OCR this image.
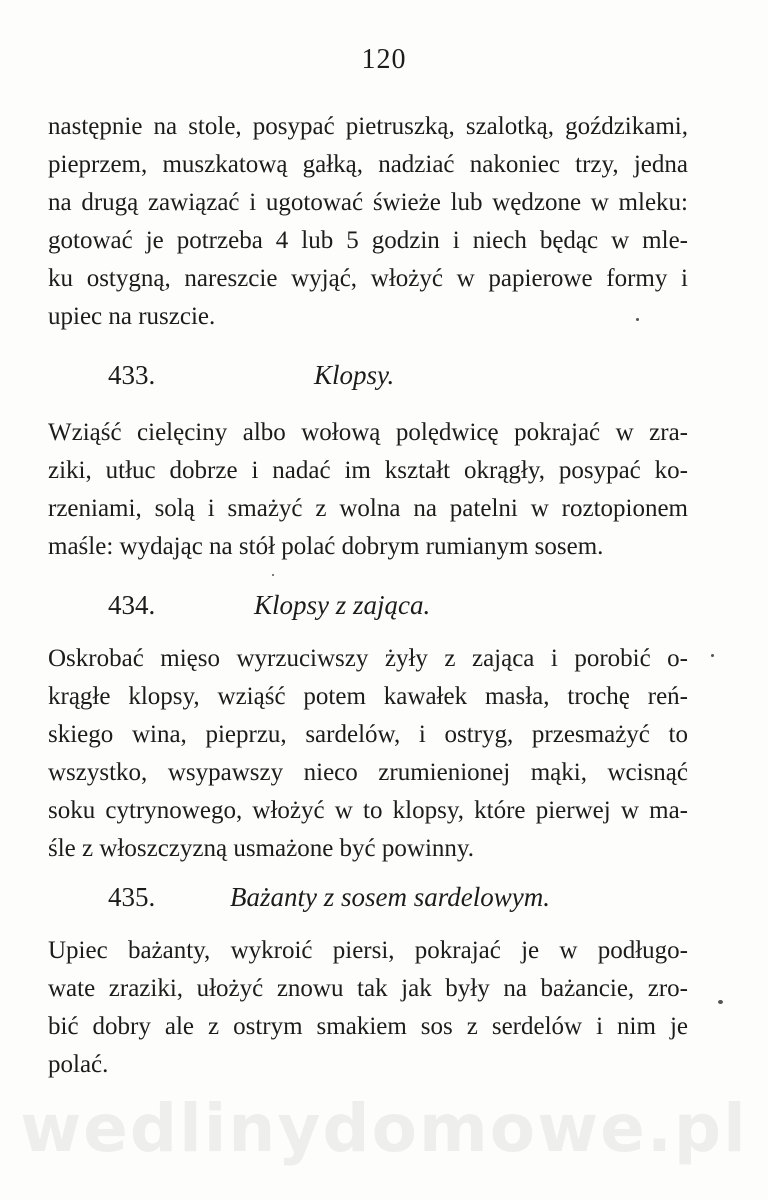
120
następnie na stole, posypać pietruszką, szalotką, goździkami,
pieprzem, muszkatową gałką, nadziać nakoniec trzy, jedna
na drugą zawiązać i ugotować świeże lub wędzone w mleku:
gotować je potrzeba 4 lub 5 godzin i niech będąc w mle-
ku ostygną, nareszcie wyjąć, włożyć w papierowe formy i
upiec na ruszcie.
433.	Klopsy.
Wziąść cielęciny albo wołową polędwicę pokrajać w zra-
ziki, utłuc dobrze i nadać im kształt okrągły, posypać ko-
rzeniami, solą i smażyć z wolna na patelni w roztopionem
maśle: wydając na stół polać dobrym rumianym sosem.
434.	Klopsy z zająca.
Oskrobać mięso wyrzuciwszy żyły z zająca i porobić o-
krągłe klopsy, wziąść potem kawałek masła, trochę reń-
skiego wina, pieprzu, sardelów, i ostryg, przesmażyć to
wszystko, wsypawszy nieco zrumienionej mąki, wcisnąć
soku cytrynowego, włożyć w to klopsy, które pierwej w ma-
śle z włoszczyzną usmażone być powinny.
435.	Bażanty z sosem sardelowym.
Upiec bażanty, wykroić piersi, pokrajać je w podługo-
wate zraziki, ułożyć znowu tak jak były na bażancie, zro-
bić dobry ale z ostrym smakiem sos z serdelów i nim je
polać.
wedlinydomowe.pl
